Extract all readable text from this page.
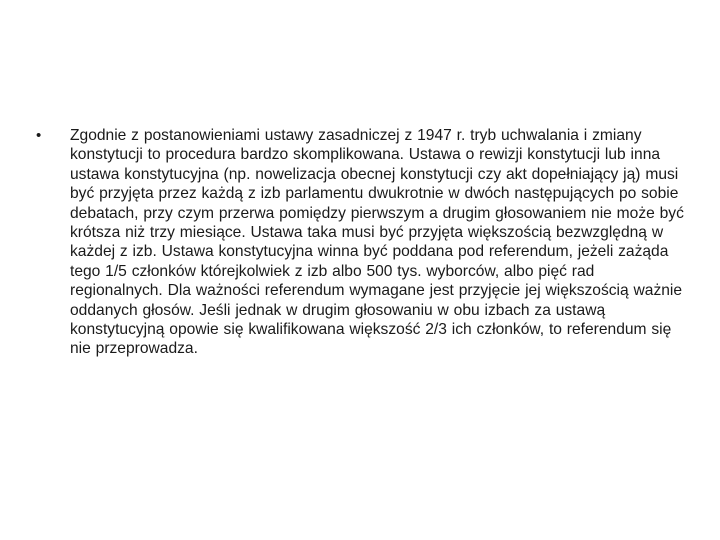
•	Zgodnie z postanowieniami ustawy zasadniczej z 1947 r. tryb uchwalania i zmiany konstytucji to procedura bardzo skomplikowana. Ustawa o rewizji konstytucji lub inna ustawa konstytucyjna (np. nowelizacja obecnej konstytucji czy akt dopełniający ją) musi być przyjęta przez każdą z izb parlamentu dwukrotnie w dwóch następujących po sobie debatach, przy czym przerwa pomiędzy pierwszym a drugim głosowaniem nie może być krótsza niż trzy miesiące. Ustawa taka musi być przyjęta większością bezwzględną w każdej z izb. Ustawa konstytucyjna winna być poddana pod referendum, jeżeli zażąda tego 1/5 członków którejkolwiek z izb albo 500 tys. wyborców, albo pięć rad regionalnych. Dla ważności referendum wymagane jest przyjęcie jej większością ważnie oddanych głosów. Jeśli jednak w drugim głosowaniu w obu izbach za ustawą konstytucyjną opowie się kwalifikowana większość 2/3 ich członków, to referendum się nie przeprowadza.
